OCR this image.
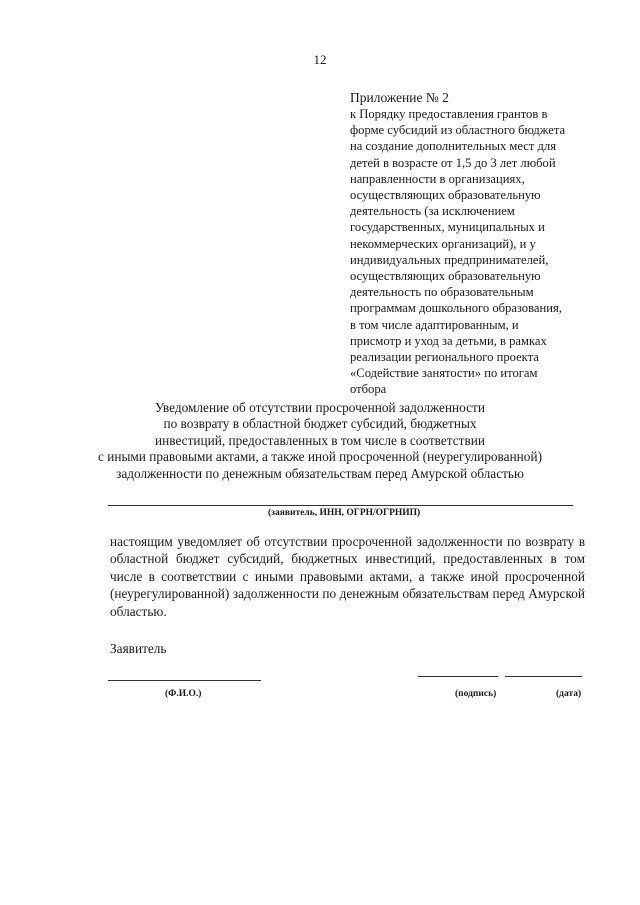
12
Приложение № 2
к Порядку предоставления грантов в
форме субсидий из областного бюджета
на создание дополнительных мест для
детей в возрасте от 1,5 до 3 лет любой
направленности в организациях,
осуществляющих образовательную
деятельность (за исключением
государственных, муниципальных и
некоммерческих организаций), и у
индивидуальных предпринимателей,
осуществляющих образовательную
деятельность по образовательным
программам дошкольного образования,
в том числе адаптированным, и
присмотр и уход за детьми, в рамках
реализации регионального проекта
«Содействие занятости» по итогам
отбора
Уведомление об отсутствии просроченной задолженности
по возврату в областной бюджет субсидий, бюджетных
инвестиций, предоставленных в том числе в соответствии
с иными правовыми актами, а также иной просроченной (неурегулированной)
задолженности по денежным обязательствам перед Амурской областью
(заявитель, ИНН, ОГРН/ОГРНИП)
настоящим уведомляет об отсутствии просроченной задолженности по возврату в
областной бюджет субсидий, бюджетных инвестиций, предоставленных в том
числе в соответствии с иными правовыми актами, а также иной просроченной
(неурегулированной) задолженности по денежным обязательствам перед Амурской
областью.
Заявитель
(Ф.И.О.)	(подпись)	(дата)
